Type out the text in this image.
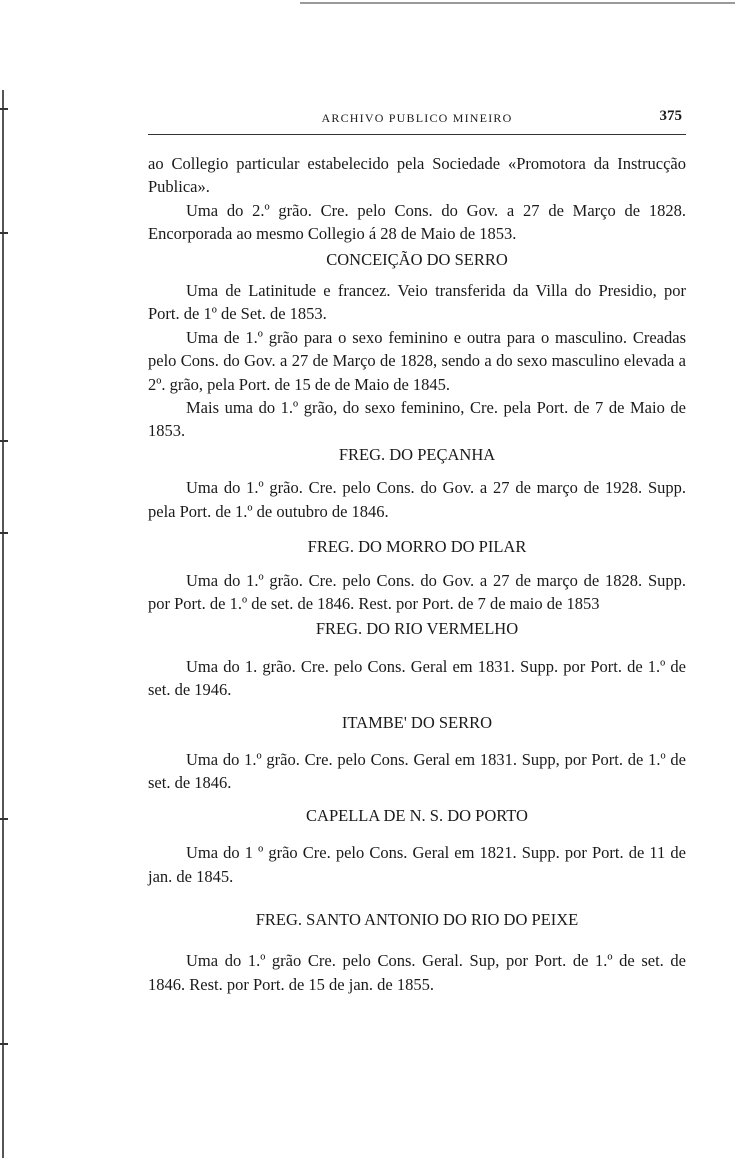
ARCHIVO PUBLICO MINEIRO	375

ao Collegio particular estabelecido pela Sociedade «Promotora da Instrucção Publica».

Uma do 2.º grão. Cre. pelo Cons. do Gov. a 27 de Março de 1828. Encorporada ao mesmo Collegio á 28 de Maio de 1853.

CONCEIÇÃO DO SERRO

Uma de Latinitude e francez. Veio transferida da Villa do Presidio, por Port. de 1º de Set. de 1853.

Uma de 1.º grão para o sexo feminino e outra para o masculino. Creadas pelo Cons. do Gov. a 27 de Março de 1828, sendo a do sexo masculino elevada a 2º. grão, pela Port. de 15 de de Maio de 1845.

Mais uma do 1.º grão, do sexo feminino, Cre. pela Port. de 7 de Maio de 1853.

FREG. DO PEÇANHA

Uma do 1.º grão. Cre. pelo Cons. do Gov. a 27 de março de 1928. Supp. pela Port. de 1.º de outubro de 1846.

FREG. DO MORRO DO PILAR

Uma do 1.º grão. Cre. pelo Cons. do Gov. a 27 de março de 1828. Supp. por Port. de 1.º de set. de 1846. Rest. por Port. de 7 de maio de 1853

FREG. DO RIO VERMELHO

Uma do 1. grão. Cre. pelo Cons. Geral em 1831. Supp. por Port. de 1.º de set. de 1946.

ITAMBE' DO SERRO

Uma do 1.º grão. Cre. pelo Cons. Geral em 1831. Supp, por Port. de 1.º de set. de 1846.

CAPELLA DE N. S. DO PORTO

Uma do 1 º grão Cre. pelo Cons. Geral em 1821. Supp. por Port. de 11 de jan. de 1845.

FREG. SANTO ANTONIO DO RIO DO PEIXE

Uma do 1.º grão Cre. pelo Cons. Geral. Sup, por Port. de 1.º de set. de 1846. Rest. por Port. de 15 de jan. de 1855.
